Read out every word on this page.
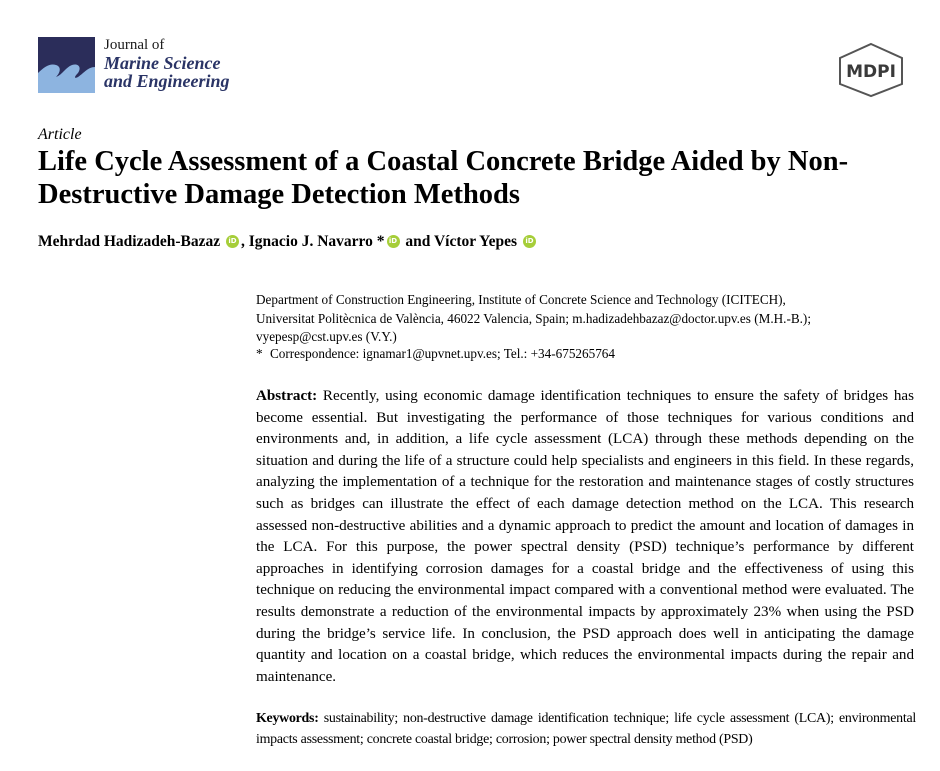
Journal of
Marine Science
and Engineering	MDPI
Article
Life Cycle Assessment of a Coastal Concrete Bridge Aided by Non-Destructive Damage Detection Methods
Mehrdad Hadizadeh-Bazaz iD , Ignacio J. Navarro * iD and Víctor Yepes iD
Department of Construction Engineering, Institute of Concrete Science and Technology (ICITECH),
Universitat Politècnica de València, 46022 Valencia, Spain; m.hadizadehbazaz@doctor.upv.es (M.H.-B.);
vyepesp@cst.upv.es (V.Y.)
* Correspondence: ignamar1@upvnet.upv.es; Tel.: +34-675265764
Abstract: Recently, using economic damage identification techniques to ensure the safety of bridges has become essential. But investigating the performance of those techniques for various conditions and environments and, in addition, a life cycle assessment (LCA) through these methods depending on the situation and during the life of a structure could help specialists and engineers in this field. In these regards, analyzing the implementation of a technique for the restoration and maintenance stages of costly structures such as bridges can illustrate the effect of each damage detection method on the LCA. This research assessed non-destructive abilities and a dynamic approach to predict the amount and location of damages in the LCA. For this purpose, the power spectral density (PSD) technique’s performance by different approaches in identifying corrosion damages for a coastal bridge and the effectiveness of using this technique on reducing the environmental impact compared with a conventional method were evaluated. The results demonstrate a reduction of the environmental impacts by approximately 23% when using the PSD during the bridge’s service life. In conclusion, the PSD approach does well in anticipating the damage quantity and location on a coastal bridge, which reduces the environmental impacts during the repair and maintenance.
Keywords: sustainability; non-destructive damage identification technique; life cycle assessment (LCA); environmental impacts assessment; concrete coastal bridge; corrosion; power spectral density method (PSD)
